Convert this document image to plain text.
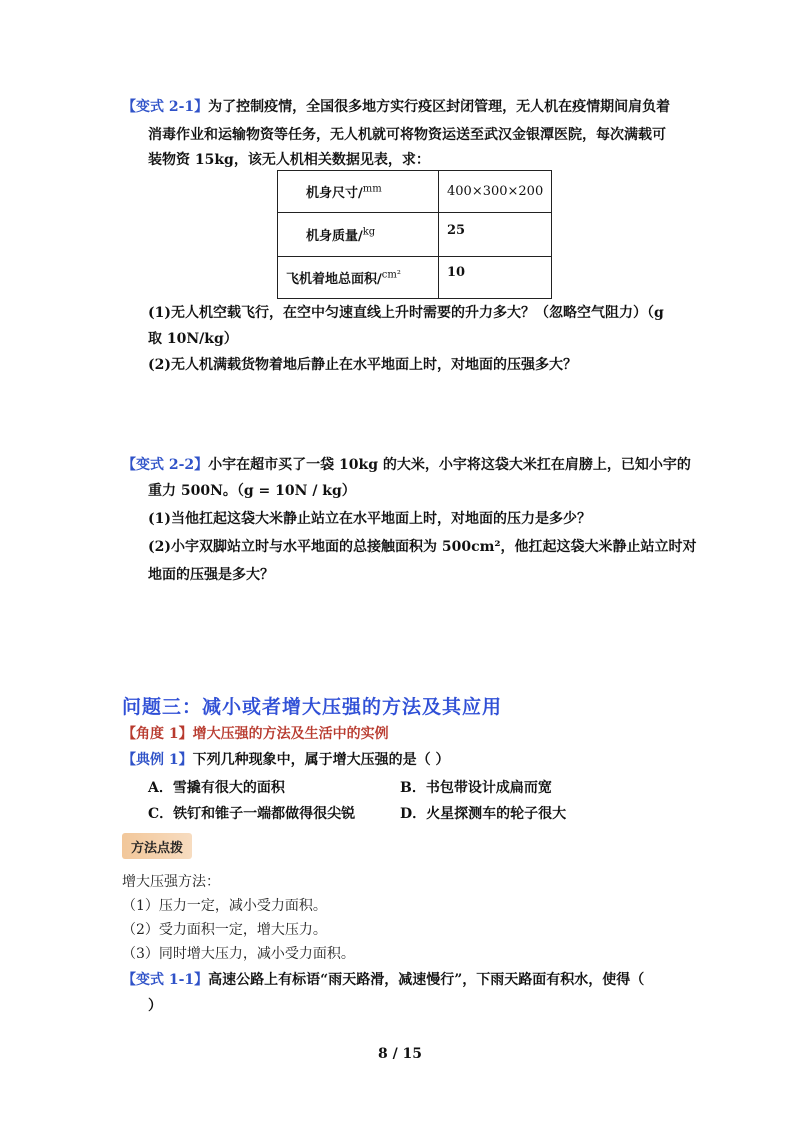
【变式 2-1】为了控制疫情，全国很多地方实行疫区封闭管理，无人机在疫情期间肩负着
消毒作业和运输物资等任务，无人机就可将物资运送至武汉金银潭医院，每次满载可
装物资 15kg，该无人机相关数据见表，求：
机身尺寸/$^{mm}$	400×300×200
机身质量/$^{kg}$	25
飞机着地总面积/$^{cm^2}$	10
(1)无人机空载飞行，在空中匀速直线上升时需要的升力多大？（忽略空气阻力）（g
取 10N/kg）
(2)无人机满载货物着地后静止在水平地面上时，对地面的压强多大？
【变式 2-2】小宇在超市买了一袋 10kg 的大米，小宇将这袋大米扛在肩膀上，已知小宇的
重力 500N。（g = 10N / kg）
(1)当他扛起这袋大米静止站立在水平地面上时，对地面的压力是多少？
(2)小宇双脚站立时与水平地面的总接触面积为 500cm²，他扛起这袋大米静止站立时对
地面的压强是多大？
问题三：减小或者增大压强的方法及其应用
【角度 1】增大压强的方法及生活中的实例
【典例 1】下列几种现象中，属于增大压强的是（ ）
A．雪撬有很大的面积	B．书包带设计成扁而宽
C．铁钉和锥子一端都做得很尖锐	D．火星探测车的轮子很大
方法点拨
增大压强方法：
（1）压力一定，减小受力面积。
（2）受力面积一定，增大压力。
（3）同时增大压力，减小受力面积。
【变式 1-1】高速公路上有标语“雨天路滑，减速慢行”，下雨天路面有积水，使得（
）
8 / 15
